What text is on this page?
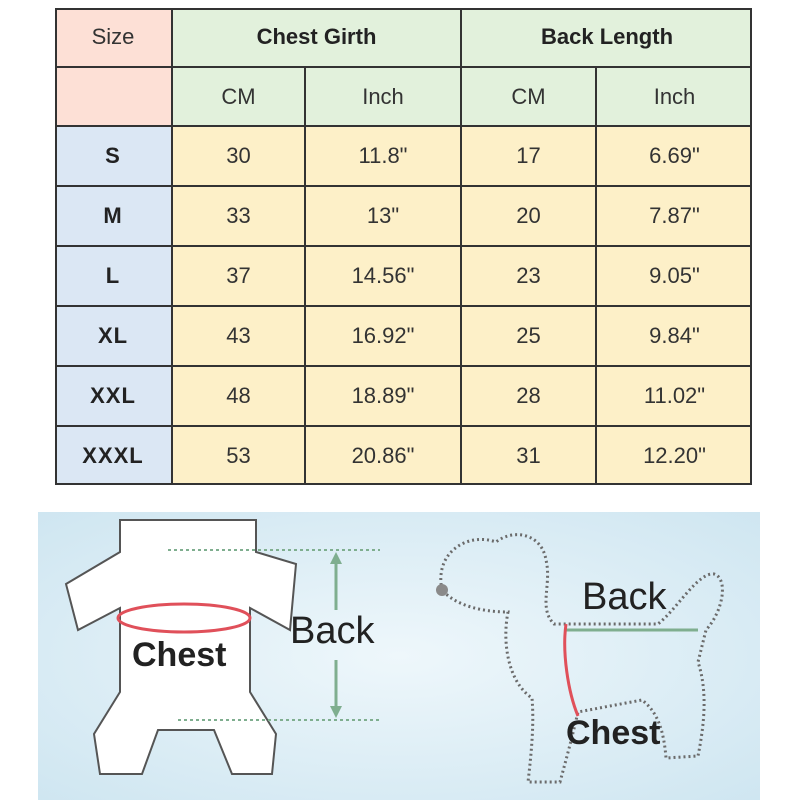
Size	Chest Girth	Back Length
CM	Inch	CM	Inch
S	30	11.8"	17	6.69"
M	33	13"	20	7.87"
L	37	14.56"	23	9.05"
XL	43	16.92"	25	9.84"
XXL	48	18.89"	28	11.02"
XXXL	53	20.86"	31	12.20"
Chest
Back
Back
Chest
